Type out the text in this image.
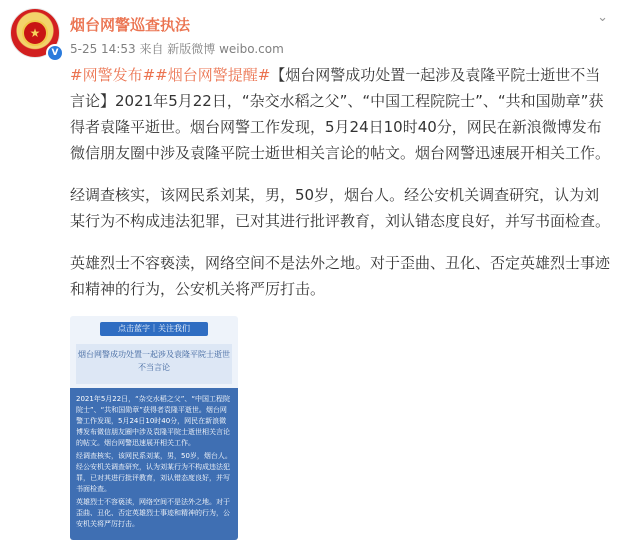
★
V
烟台网警巡查执法
5-25 14:53 来自 新版微博 weibo.com
⌄

#网警发布##烟台网警提醒#【烟台网警成功处置一起涉及袁隆平院士逝世不当言论】2021年5月22日，“杂交水稻之父”、“中国工程院院士”、“共和国勋章”获得者袁隆平逝世。烟台网警工作发现，5月24日10时40分，网民在新浪微博发布微信朋友圈中涉及袁隆平院士逝世相关言论的帖文。烟台网警迅速展开相关工作。

经调查核实，该网民系刘某，男，50岁，烟台人。经公安机关调查研究，认为刘某行为不构成违法犯罪，已对其进行批评教育，刘认错态度良好，并写书面检查。

英雄烈士不容亵渎，网络空间不是法外之地。对于歪曲、丑化、否定英雄烈士事迹和精神的行为，公安机关将严厉打击。

点击蓝字｜关注我们
烟台网警成功处置一起涉及袁隆平院士逝世不当言论

2021年5月22日，“杂交水稻之父”、“中国工程院院士”、“共和国勋章”获得者袁隆平逝世。烟台网警工作发现，5月24日10时40分，网民在新浪微博发布微信朋友圈中涉及袁隆平院士逝世相关言论的帖文。烟台网警迅速展开相关工作。

经调查核实，该网民系刘某，男，50岁，烟台人。经公安机关调查研究，认为刘某行为不构成违法犯罪，已对其进行批评教育，刘认错态度良好，并写书面检查。

英雄烈士不容亵渎，网络空间不是法外之地。对于歪曲、丑化、否定英雄烈士事迹和精神的行为，公安机关将严厉打击。
